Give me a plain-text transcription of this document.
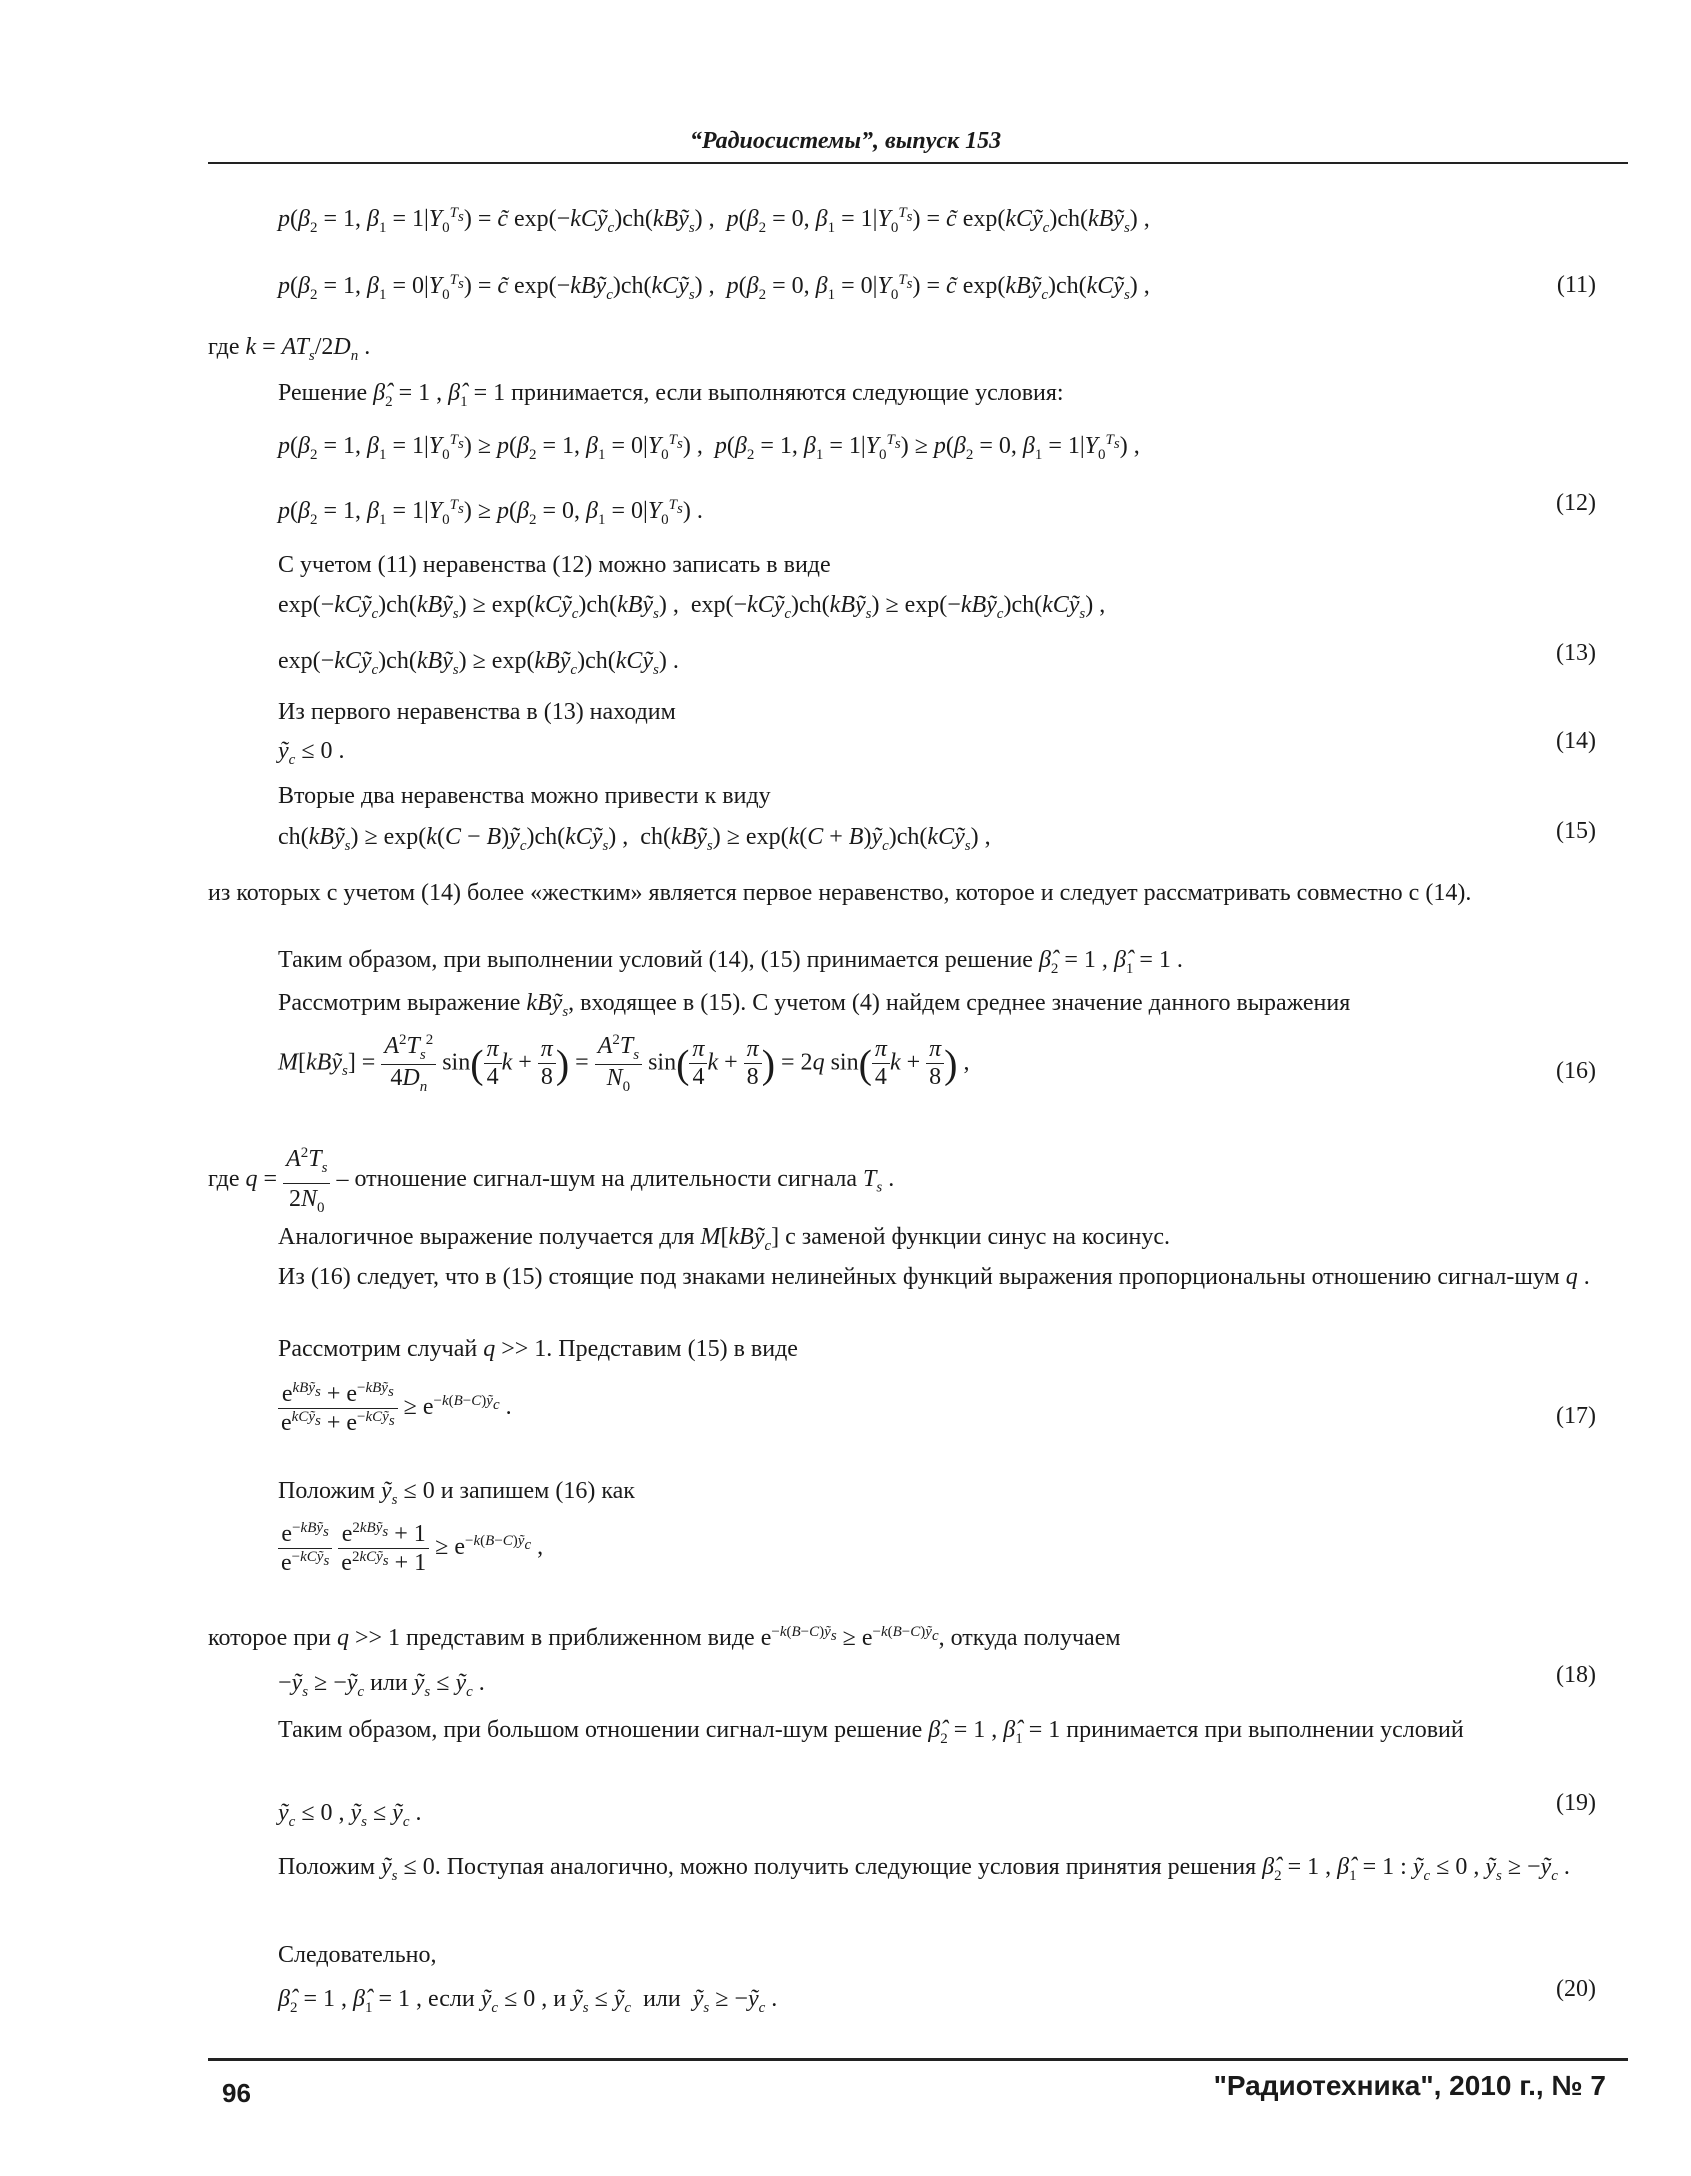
“Радиосистемы”, выпуск 153
$p(\beta_2 = 1$, $\beta_1 = 1|Y_0^{T_s}$) = c̃ exp(−kCỹ$_c$)ch(kBỹ$_s$) ,  $p(\beta_2 = 0$, $\beta_1 = 1|Y_0^{T_s}$) = c̃ exp(kCỹ$_c$)ch(kBỹ$_s$) ,
$p(\beta_2 = 1$, $\beta_1 = 0|Y_0^{T_s}$) = c̃ exp(−kBỹ$_c$)ch(kCỹ$_s$) ,  $p(\beta_2 = 0$, $\beta_1 = 0|Y_0^{T_s}$) = c̃ exp(kBỹ$_c$)ch(kCỹ$_s$) ,	(11)
где $k = AT_s/2D_n$ .
Решение $\betâ_2 = 1$ , $\betâ_1 = 1$ принимается, если выполняются следующие условия:
$p(\beta_2 = 1$, $\beta_1 = 1|Y_0^{T_s}) \ge p(\beta_2 = 1$, $\beta_1 = 0|Y_0^{T_s}$) ,  $p(\beta_2 = 1$, $\beta_1 = 1|Y_0^{T_s}) \ge p(\beta_2 = 0$, $\beta_1 = 1|Y_0^{T_s}$) ,
$p(\beta_2 = 1$, $\beta_1 = 1|Y_0^{T_s}) \ge p(\beta_2 = 0$, $\beta_1 = 0|Y_0^{T_s}$) .	(12)
С учетом (11) неравенства (12) можно записать в виде
exp(−kCỹ$_c$)ch(kBỹ$_s$) ≥ exp(kCỹ$_c$)ch(kBỹ$_s$) ,  exp(−kCỹ$_c$)ch(kBỹ$_s$) ≥ exp(−kBỹ$_c$)ch(kCỹ$_s$) ,
exp(−kCỹ$_c$)ch(kBỹ$_s$) ≥ exp(kBỹ$_c$)ch(kCỹ$_s$) .	(13)
Из первого неравенства в (13) находим
ỹ$_c$ ≤ 0 .	(14)
Вторые два неравенства можно привести к виду
ch(kBỹ$_s$) ≥ exp(k(C − B)ỹ$_c$)ch(kCỹ$_s$) ,  ch(kBỹ$_s$) ≥ exp(k(C + B)ỹ$_c$)ch(kCỹ$_s$) ,	(15)
из которых с учетом (14) более «жестким» является первое неравенство, которое и следует рассматривать совместно с (14).
Таким образом, при выполнении условий (14), (15) принимается решение $\betâ_2 = 1$ , $\betâ_1 = 1$ .
Рассмотрим выражение kBỹ$_s$, входящее в (15). С учетом (4) найдем среднее значение данного выражения
M[kBỹ$_s$] = $\frac{A^2T_s^2}{4D_n} \sin( \frac{\pi}{4}$ $k + \frac{\pi}{8}$ ) = $\frac{A^2T_s}{N_0} \sin( \frac{\pi}{4}$ $k + \frac{\pi}{8}$ ) = 2q $\sin( \frac{\pi}{4}$ $k + \frac{\pi}{8}$ ) ,	(16)
где $q = \frac{A^2T_s}{2N_0}$ – отношение сигнал-шум на длительности сигнала $T_s$ .
Аналогичное выражение получается для M[kBỹ$_c$] с заменой функции синус на косинус.
Из (16) следует, что в (15) стоящие под знаками нелинейных функций выражения пропорциональны отношению сигнал-шум q .
Рассмотрим случай q >> 1. Представим (15) в виде
$\frac{e^{kBỹ_s} + e^{-kBỹ_s}}{e^{kCỹ_s} + e^{-kCỹ_s}} \ge e^{-k(B-C)ỹ_c}$ .	(17)
Положим ỹ$_s$ ≤ 0 и запишем (16) как
$\frac{e^{-kBỹ_s}}{e^{-kCỹ_s}}$
$\frac{e^{2kBỹ_s} + 1}{e^{2kCỹ_s} + 1} \ge e^{-k(B-C)ỹ_c}$ ,
которое при q >> 1 представим в приближенном виде $e^{-k(B-C)ỹ_s} \ge e^{-k(B-C)ỹ_c}$, откуда получаем
−ỹ$_s$ ≥ −ỹ$_c$ или ỹ$_s$ ≤ ỹ$_c$ .	(18)
Таким образом, при большом отношении сигнал-шум решение $\betâ_2 = 1$ , $\betâ_1 = 1$ принимается при выполнении условий
ỹ$_c$ ≤ 0 , ỹ$_s$ ≤ ỹ$_c$ .	(19)
Положим ỹ$_s$ ≤ 0. Поступая аналогично, можно получить следующие условия принятия решения $\betâ_2 = 1$ , $\betâ_1 = 1$ : ỹ$_c$ ≤ 0 , ỹ$_s$ ≥ −ỹ$_c$ .
Следовательно,
$\betâ_2 = 1$ , $\betâ_1 = 1$ , если ỹ$_c$ ≤ 0 , и ỹ$_s$ ≤ ỹ$_c$ или ỹ$_s$ ≥ −ỹ$_c$ .	(20)
96	"Радиотехника", 2010 г., № 7
